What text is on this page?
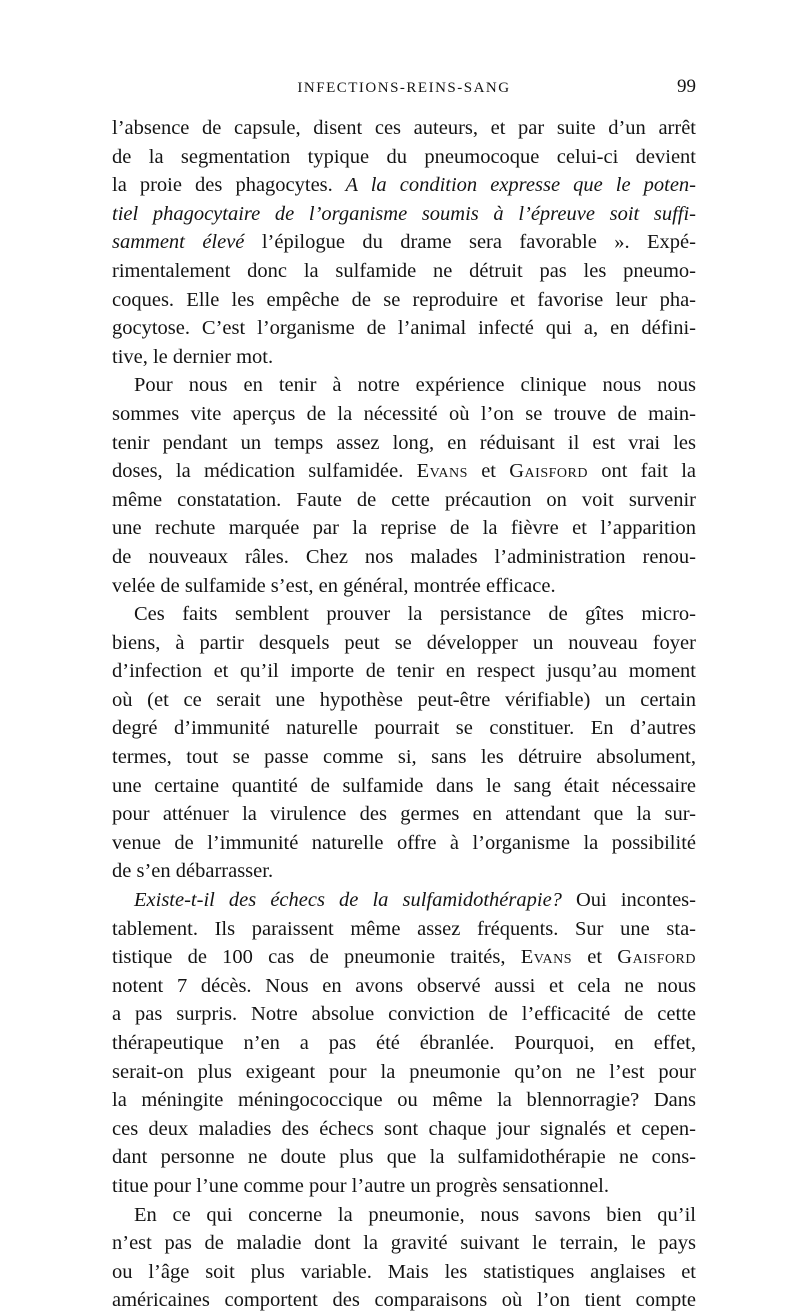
INFECTIONS-REINS-SANG	99

l’absence de capsule, disent ces auteurs, et par suite d’un arrêt

de la segmentation typique du pneumocoque celui-ci devient

la proie des phagocytes. A la condition expresse que le poten-

tiel phagocytaire de l’organisme soumis à l’épreuve soit suffi-

samment élevé l’épilogue du drame sera favorable ». Expé-

rimentalement donc la sulfamide ne détruit pas les pneumo-

coques. Elle les empêche de se reproduire et favorise leur pha-

gocytose. C’est l’organisme de l’animal infecté qui a, en défini-

tive, le dernier mot.

Pour nous en tenir à notre expérience clinique nous nous

sommes vite aperçus de la nécessité où l’on se trouve de main-

tenir pendant un temps assez long, en réduisant il est vrai les

doses, la médication sulfamidée. Evans et Gaisford ont fait la

même constatation. Faute de cette précaution on voit survenir

une rechute marquée par la reprise de la fièvre et l’apparition

de nouveaux râles. Chez nos malades l’administration renou-

velée de sulfamide s’est, en général, montrée efficace.

Ces faits semblent prouver la persistance de gîtes micro-

biens, à partir desquels peut se développer un nouveau foyer

d’infection et qu’il importe de tenir en respect jusqu’au moment

où (et ce serait une hypothèse peut-être vérifiable) un certain

degré d’immunité naturelle pourrait se constituer. En d’autres

termes, tout se passe comme si, sans les détruire absolument,

une certaine quantité de sulfamide dans le sang était nécessaire

pour atténuer la virulence des germes en attendant que la sur-

venue de l’immunité naturelle offre à l’organisme la possibilité

de s’en débarrasser.

Existe-t-il des échecs de la sulfamidothérapie? Oui incontes-

tablement. Ils paraissent même assez fréquents. Sur une sta-

tistique de 100 cas de pneumonie traités, Evans et Gaisford

notent 7 décès. Nous en avons observé aussi et cela ne nous

a pas surpris. Notre absolue conviction de l’efficacité de cette

thérapeutique n’en a pas été ébranlée. Pourquoi, en effet,

serait-on plus exigeant pour la pneumonie qu’on ne l’est pour

la méningite méningococcique ou même la blennorragie? Dans

ces deux maladies des échecs sont chaque jour signalés et cepen-

dant personne ne doute plus que la sulfamidothérapie ne cons-

titue pour l’une comme pour l’autre un progrès sensationnel.

En ce qui concerne la pneumonie, nous savons bien qu’il

n’est pas de maladie dont la gravité suivant le terrain, le pays

ou l’âge soit plus variable. Mais les statistiques anglaises et

américaines comportent des comparaisons où l’on tient compte
